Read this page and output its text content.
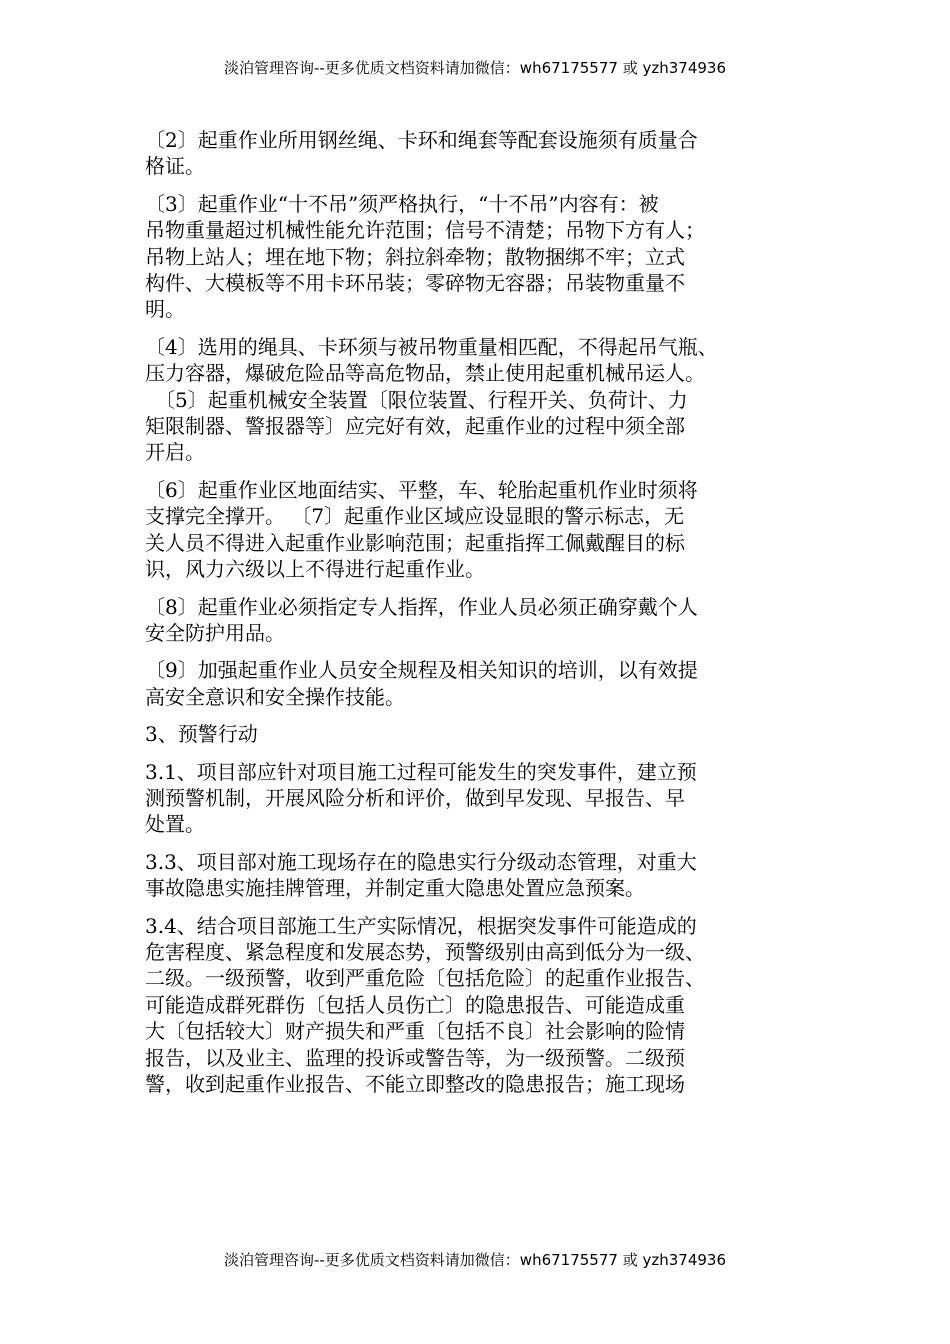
淡泊管理咨询--更多优质文档资料请加微信：wh67175577 或 yzh374936
〔2〕起重作业所用钢丝绳、卡环和绳套等配套设施须有质量合
格证。
〔3〕起重作业“十不吊”须严格执行，“十不吊”内容有：被
吊物重量超过机械性能允许范围；信号不清楚；吊物下方有人；
吊物上站人；埋在地下物；斜拉斜牵物；散物捆绑不牢；立式
构件、大模板等不用卡环吊装；零碎物无容器；吊装物重量不
明。
〔4〕选用的绳具、卡环须与被吊物重量相匹配，不得起吊气瓶、
压力容器，爆破危险品等高危物品，禁止使用起重机械吊运人。
　〔5〕起重机械安全装置〔限位装置、行程开关、负荷计、力
矩限制器、警报器等〕应完好有效，起重作业的过程中须全部
开启。
〔6〕起重作业区地面结实、平整，车、轮胎起重机作业时须将
支撑完全撑开。 〔7〕起重作业区域应设显眼的警示标志，无
关人员不得进入起重作业影响范围；起重指挥工佩戴醒目的标
识，风力六级以上不得进行起重作业。
〔8〕起重作业必须指定专人指挥，作业人员必须正确穿戴个人
安全防护用品。
〔9〕加强起重作业人员安全规程及相关知识的培训，以有效提
高安全意识和安全操作技能。
3、预警行动
3.1、项目部应针对项目施工过程可能发生的突发事件，建立预
测预警机制，开展风险分析和评价，做到早发现、早报告、早
处置。
3.3、项目部对施工现场存在的隐患实行分级动态管理，对重大
事故隐患实施挂牌管理，并制定重大隐患处置应急预案。
3.4、结合项目部施工生产实际情况，根据突发事件可能造成的
危害程度、紧急程度和发展态势，预警级别由高到低分为一级、
二级。一级预警，收到严重危险〔包括危险〕的起重作业报告、
可能造成群死群伤〔包括人员伤亡〕的隐患报告、可能造成重
大〔包括较大〕财产损失和严重〔包括不良〕社会影响的险情
报告，以及业主、监理的投诉或警告等，为一级预警。二级预
警，收到起重作业报告、不能立即整改的隐患报告；施工现场
淡泊管理咨询--更多优质文档资料请加微信：wh67175577 或 yzh374936
